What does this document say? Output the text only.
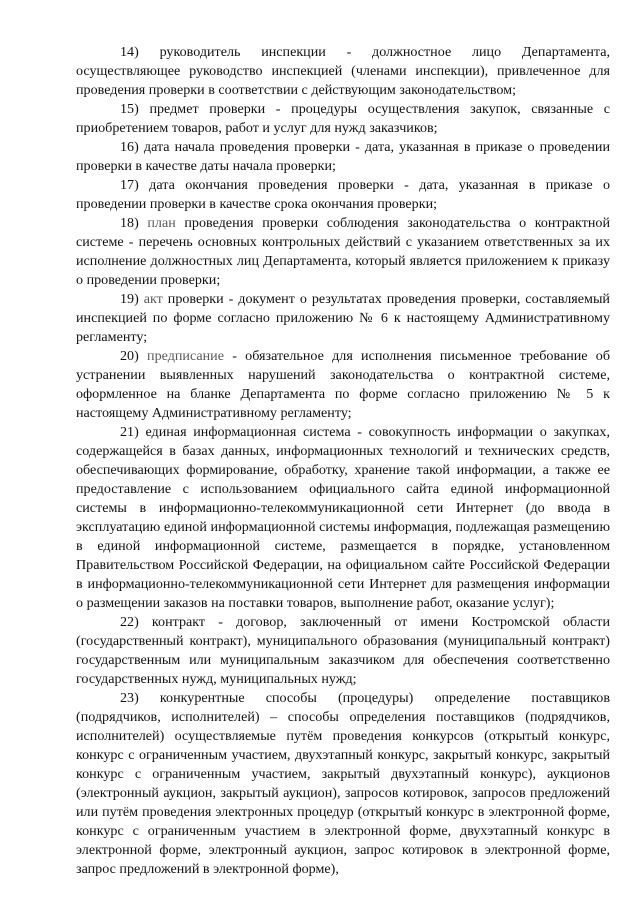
14) руководитель инспекции - должностное лицо Департамента, осуществляющее руководство инспекцией (членами инспекции), привлеченное для проведения проверки в соответствии с действующим законодательством;

15) предмет проверки - процедуры осуществления закупок, связанные с приобретением товаров, работ и услуг для нужд заказчиков;

16) дата начала проведения проверки - дата, указанная в приказе о проведении проверки в качестве даты начала проверки;

17) дата окончания проведения проверки - дата, указанная в приказе о проведении проверки в качестве срока окончания проверки;

18) план проведения проверки соблюдения законодательства о контрактной системе - перечень основных контрольных действий с указанием ответственных за их исполнение должностных лиц Департамента, который является приложением к приказу о проведении проверки;

19) акт проверки - документ о результатах проведения проверки, составляемый инспекцией по форме согласно приложению № 6 к настоящему Административному регламенту;

20) предписание - обязательное для исполнения письменное требование об устранении выявленных нарушений законодательства о контрактной системе, оформленное на бланке Департамента по форме согласно приложению № 5 к настоящему Административному регламенту;

21) единая информационная система - совокупность информации о закупках, содержащейся в базах данных, информационных технологий и технических средств, обеспечивающих формирование, обработку, хранение такой информации, а также ее предоставление с использованием официального сайта единой информационной системы в информационно-телекоммуникационной сети Интернет (до ввода в эксплуатацию единой информационной системы информация, подлежащая размещению в единой информационной системе, размещается в порядке, установленном Правительством Российской Федерации, на официальном сайте Российской Федерации в информационно-телекоммуникационной сети Интернет для размещения информации о размещении заказов на поставки товаров, выполнение работ, оказание услуг);

22) контракт - договор, заключенный от имени Костромской области (государственный контракт), муниципального образования (муниципальный контракт) государственным или муниципальным заказчиком для обеспечения соответственно государственных нужд, муниципальных нужд;

23) конкурентные способы (процедуры) определение поставщиков (подрядчиков, исполнителей) – способы определения поставщиков (подрядчиков, исполнителей) осуществляемые путём проведения конкурсов (открытый конкурс, конкурс с ограниченным участием, двухэтапный конкурс, закрытый конкурс, закрытый конкурс с ограниченным участием, закрытый двухэтапный конкурс), аукционов (электронный аукцион, закрытый аукцион), запросов котировок, запросов предложений или путём проведения электронных процедур (открытый конкурс в электронной форме, конкурс с ограниченным участием в электронной форме, двухэтапный конкурс в электронной форме, электронный аукцион, запрос котировок в электронной форме, запрос предложений в электронной форме),
